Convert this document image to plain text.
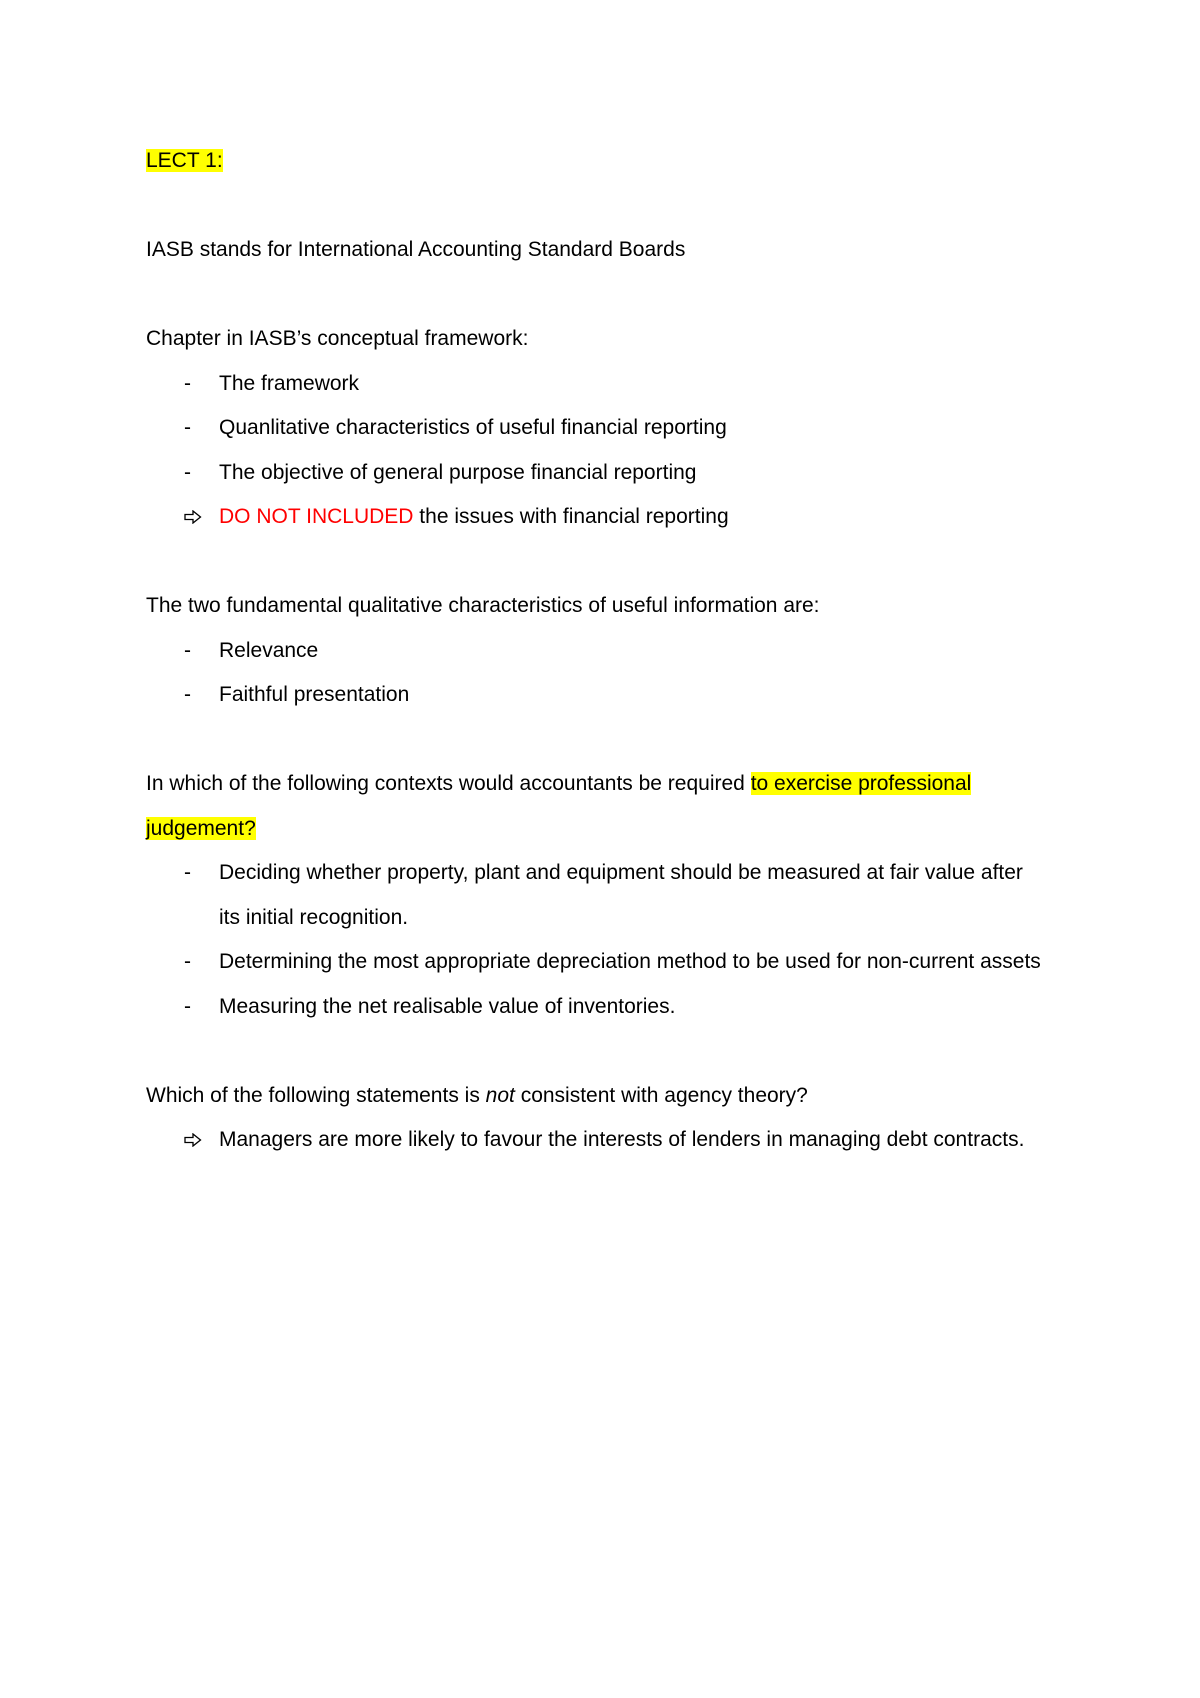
LECT 1:

IASB stands for International Accounting Standard Boards

Chapter in IASB’s conceptual framework:

-	The framework
-	Quanlitative characteristics of useful financial reporting
-	The objective of general purpose financial reporting
DO NOT INCLUDED the issues with financial reporting

The two fundamental qualitative characteristics of useful information are:

-	Relevance
-	Faithful presentation

In which of the following contexts would accountants be required to exercise professional

judgement?

-	Deciding whether property, plant and equipment should be measured at fair value after its initial recognition.
-	Determining the most appropriate depreciation method to be used for non-current assets
-	Measuring the net realisable value of inventories.

Which of the following statements is not consistent with agency theory?

Managers are more likely to favour the interests of lenders in managing debt contracts.
